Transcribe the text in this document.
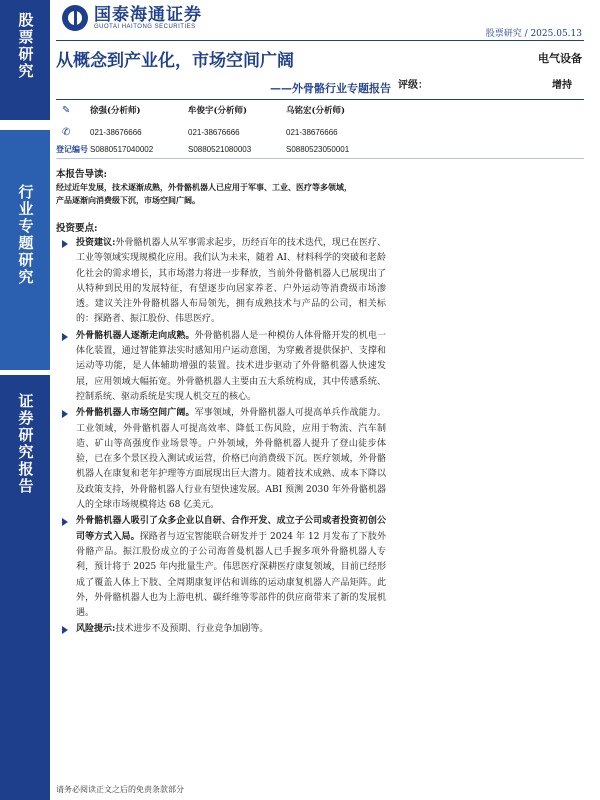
股票研究
行业专题研究
证券研究报告
国泰海通证券
GUOTAI HAITONG SECURITIES
股票研究 / 2025.05.13
从概念到产业化，市场空间广阔	电气设备
——外骨骼行业专题报告 评级：	增持
✎
✆
登记编号
徐强(分析师)
021-38676666
S0880517040002
牟俊宇(分析师)
021-38676666
S0880521080003
乌铭宏(分析师)
021-38676666
S0880523050001
本报告导读:
经过近年发展，技术逐渐成熟，外骨骼机器人已应用于军事、工业、医疗等多领域，产品逐渐向消费级下沉，市场空间广阔。
投资要点:
投资建议:外骨骼机器人从军事需求起步，历经百年的技术迭代，现已在医疗、工业等领域实现规模化应用。我们认为未来，随着 AI、材料科学的突破和老龄化社会的需求增长，其市场潜力将进一步释放，当前外骨骼机器人已展现出了从特种到民用的发展特征，有望逐步向居家养老、户外运动等消费级市场渗透。建议关注外骨骼机器人布局领先，拥有成熟技术与产品的公司，相关标的：探路者、振江股份、伟思医疗。
外骨骼机器人逐渐走向成熟。外骨骼机器人是一种模仿人体骨骼开发的机电一体化装置，通过智能算法实时感知用户运动意图，为穿戴者提供保护、支撑和运动等功能，是人体辅助增强的装置。技术进步驱动了外骨骼机器人快速发展，应用领域大幅拓宽。外骨骼机器人主要由五大系统构成，其中传感系统、控制系统、驱动系统是实现人机交互的核心。
外骨骼机器人市场空间广阔。军事领域，外骨骼机器人可提高单兵作战能力。工业领域，外骨骼机器人可提高效率、降低工伤风险，应用于物流、汽车制造、矿山等高强度作业场景等。户外领域，外骨骼机器人提升了登山徒步体验，已在多个景区投入测试或运营，价格已向消费级下沉。医疗领域，外骨骼机器人在康复和老年护理等方面展现出巨大潜力。随着技术成熟、成本下降以及政策支持，外骨骼机器人行业有望快速发展。ABI 预测 2030 年外骨骼机器人的全球市场规模将达 68 亿美元。
外骨骼机器人吸引了众多企业以自研、合作开发、成立子公司或者投资初创公司等方式入局。探路者与迈宝智能联合研发并于 2024 年 12 月发布了下肢外骨骼产品。振江股份成立的子公司海普曼机器人已手握多项外骨骼机器人专利，预计将于 2025 年内批量生产。伟思医疗深耕医疗康复领域，目前已经形成了覆盖人体上下肢、全周期康复评估和训练的运动康复机器人产品矩阵。此外，外骨骼机器人也为上游电机、碳纤维等零部件的供应商带来了新的发展机遇。
风险提示:技术进步不及预期、行业竞争加剧等。
请务必阅读正文之后的免责条款部分
